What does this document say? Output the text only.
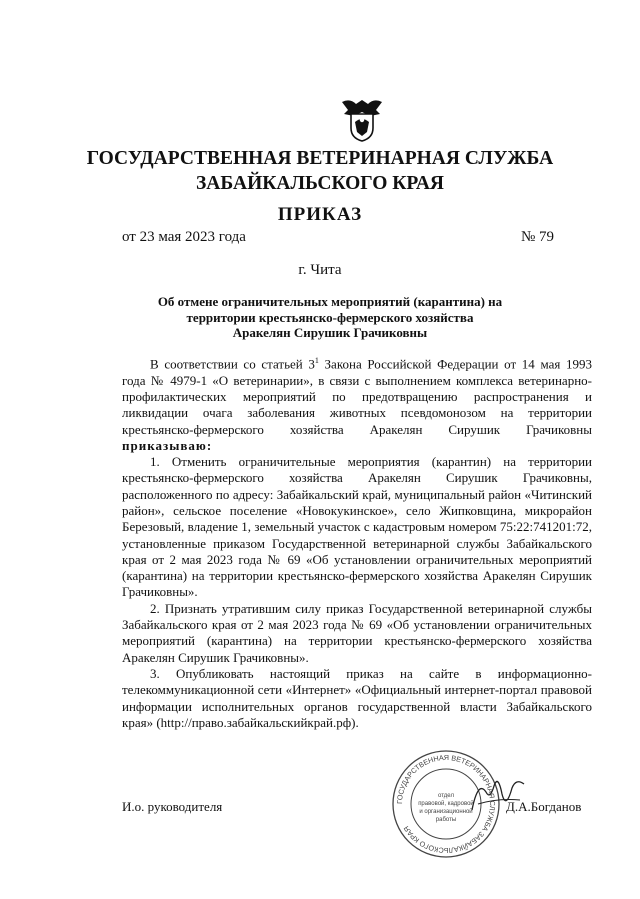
ГОСУДАРСТВЕННАЯ ВЕТЕРИНАРНАЯ СЛУЖБА
ЗАБАЙКАЛЬСКОГО КРАЯ
ПРИКАЗ
от 23 мая 2023 года	№ 79
г. Чита
Об отмене ограничительных мероприятий (карантина) на
территории крестьянско-фермерского хозяйства
Аракелян Сирушик Грачиковны

В соответствии со статьей $3^1$ Закона Российской Федерации от 14 мая 1993 года № 4979-1 «О ветеринарии», в связи с выполнением комплекса ветеринарно-профилактических мероприятий по предотвращению распространения и ликвидации очага заболевания животных псевдомонозом на территории крестьянско-фермерского хозяйства Аракелян Сирушик Грачиковны приказываю:

1. Отменить ограничительные мероприятия (карантин) на территории крестьянско-фермерского хозяйства Аракелян Сирушик Грачиковны, расположенного по адресу: Забайкальский край, муниципальный район «Читинский район», сельское поселение «Новокукинское», село Жипковщина, микрорайон Березовый, владение 1, земельный участок с кадастровым номером 75:22:741201:72, установленные приказом Государственной ветеринарной службы Забайкальского края от 2 мая 2023 года № 69 «Об установлении ограничительных мероприятий (карантина) на территории крестьянско-фермерского хозяйства Аракелян Сирушик Грачиковны».

2. Признать утратившим силу приказ Государственной ветеринарной службы Забайкальского края от 2 мая 2023 года № 69 «Об установлении ограничительных мероприятий (карантина) на территории крестьянско-фермерского хозяйства Аракелян Сирушик Грачиковны».

3. Опубликовать настоящий приказ на сайте в информационно-телекоммуникационной сети «Интернет» «Официальный интернет-портал правовой информации исполнительных органов государственной власти Забайкальского края» (http://право.забайкальскийкрай.рф).

И.о. руководителя	Д.А.Богданов
ГОСУДАРСТВЕННАЯ ВЕТЕРИНАРНАЯ СЛУЖБА ЗАБАЙКАЛЬСКОГО КРАЯ
отдел
правовой, кадровой
и организационной
работы
